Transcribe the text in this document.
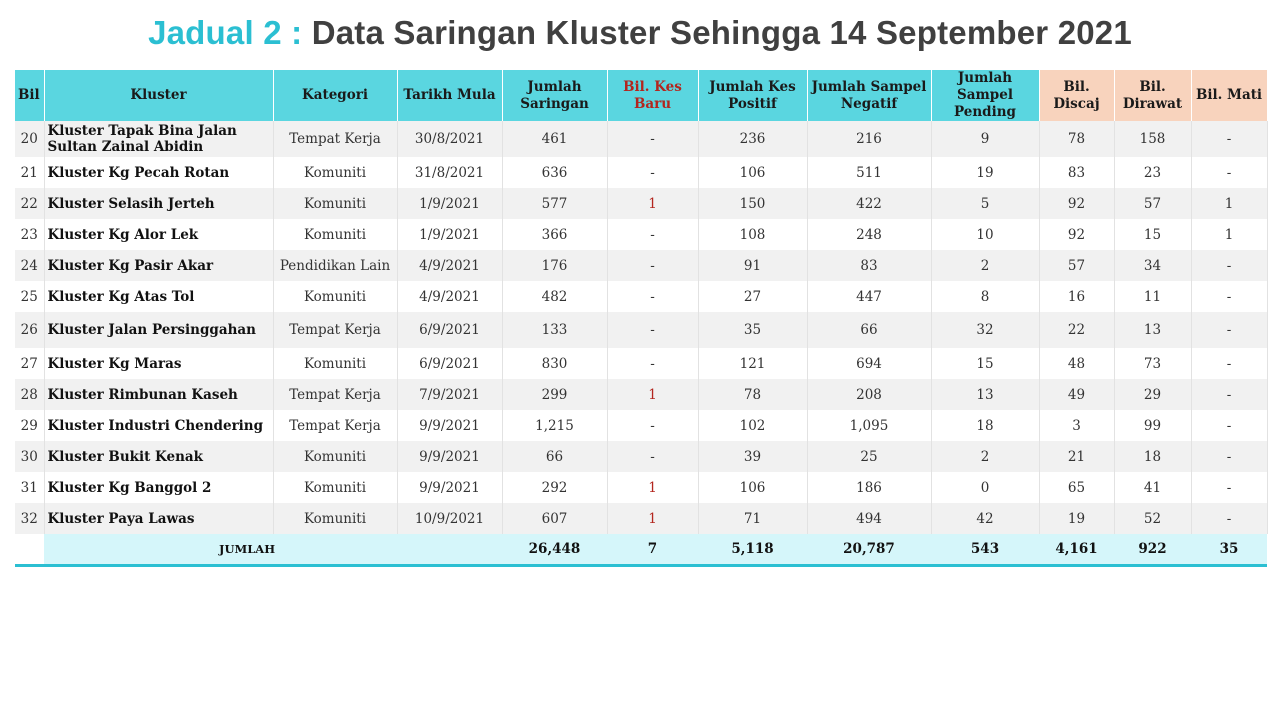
Jadual 2 : Data Saringan Kluster Sehingga 14 September 2021
Bil	Kluster	Kategori	Tarikh Mula	Jumlah Saringan	Bil. Kes Baru	Jumlah Kes Positif	Jumlah Sampel Negatif	Jumlah Sampel Pending	Bil. Discaj	Bil. Dirawat	Bil. Mati
20	Kluster Tapak Bina Jalan Sultan Zainal Abidin	Tempat Kerja	30/8/2021	461	-	236	216	9	78	158	-
21	Kluster Kg Pecah Rotan	Komuniti	31/8/2021	636	-	106	511	19	83	23	-
22	Kluster Selasih Jerteh	Komuniti	1/9/2021	577	1	150	422	5	92	57	1
23	Kluster Kg Alor Lek	Komuniti	1/9/2021	366	-	108	248	10	92	15	1
24	Kluster Kg Pasir Akar	Pendidikan Lain	4/9/2021	176	-	91	83	2	57	34	-
25	Kluster Kg Atas Tol	Komuniti	4/9/2021	482	-	27	447	8	16	11	-
26	Kluster Jalan Persinggahan	Tempat Kerja	6/9/2021	133	-	35	66	32	22	13	-
27	Kluster Kg Maras	Komuniti	6/9/2021	830	-	121	694	15	48	73	-
28	Kluster Rimbunan Kaseh	Tempat Kerja	7/9/2021	299	1	78	208	13	49	29	-
29	Kluster Industri Chendering	Tempat Kerja	9/9/2021	1,215	-	102	1,095	18	3	99	-
30	Kluster Bukit Kenak	Komuniti	9/9/2021	66	-	39	25	2	21	18	-
31	Kluster Kg Banggol 2	Komuniti	9/9/2021	292	1	106	186	0	65	41	-
32	Kluster Paya Lawas	Komuniti	10/9/2021	607	1	71	494	42	19	52	-
	JUMLAH			26,448	7	5,118	20,787	543	4,161	922	35
